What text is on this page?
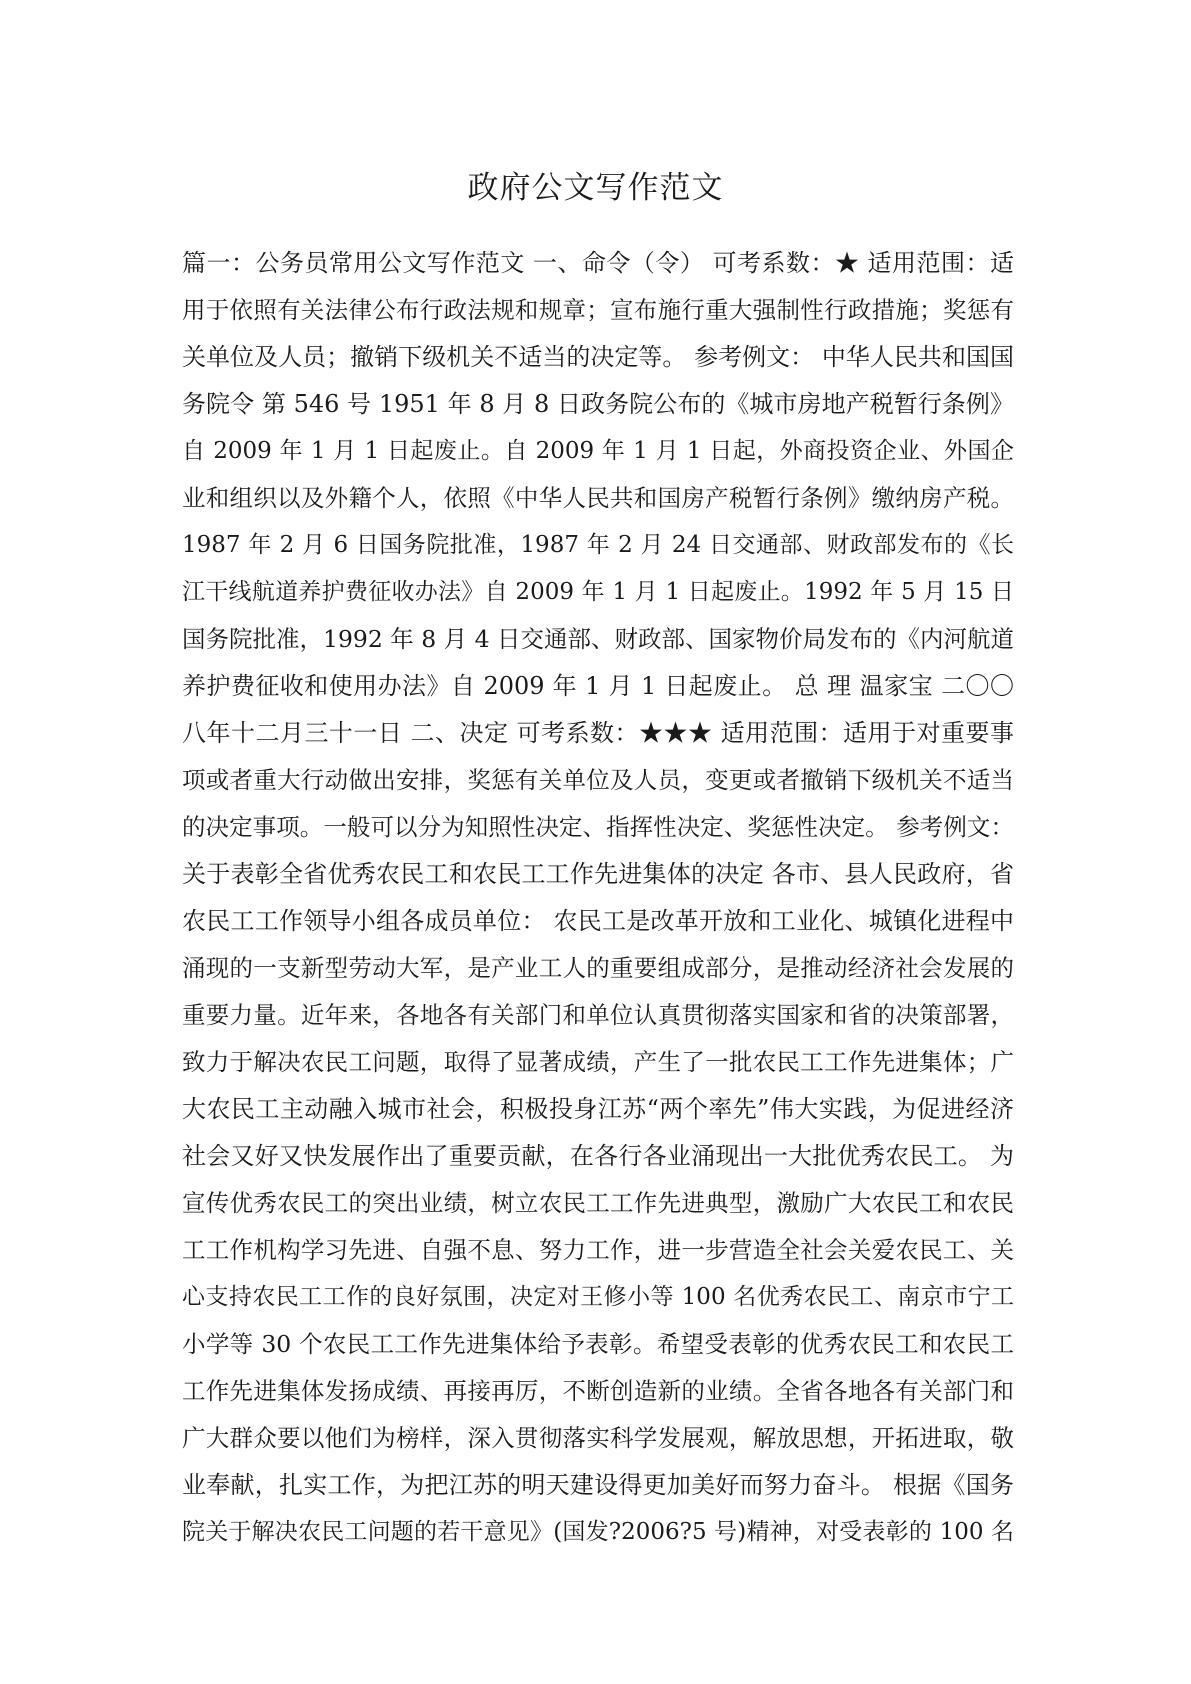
政府公文写作范文
篇一：公务员常用公文写作范文 一、命令（令） 可考系数：★ 适用范围：适
用于依照有关法律公布行政法规和规章；宣布施行重大强制性行政措施；奖惩有
关单位及人员；撤销下级机关不适当的决定等。 参考例文： 中华人民共和国国
务院令 第 546 号 1951 年 8 月 8 日政务院公布的《城市房地产税暂行条例》
自 2009 年 1 月 1 日起废止。自 2009 年 1 月 1 日起，外商投资企业、外国企
业和组织以及外籍个人，依照《中华人民共和国房产税暂行条例》缴纳房产税。
1987 年 2 月 6 日国务院批准，1987 年 2 月 24 日交通部、财政部发布的《长
江干线航道养护费征收办法》自 2009 年 1 月 1 日起废止。1992 年 5 月 15 日
国务院批准，1992 年 8 月 4 日交通部、财政部、国家物价局发布的《内河航道
养护费征收和使用办法》自 2009 年 1 月 1 日起废止。 总 理 温家宝 二〇〇
八年十二月三十一日 二、决定 可考系数：★★★ 适用范围：适用于对重要事
项或者重大行动做出安排，奖惩有关单位及人员，变更或者撤销下级机关不适当
的决定事项。一般可以分为知照性决定、指挥性决定、奖惩性决定。 参考例文：
关于表彰全省优秀农民工和农民工工作先进集体的决定 各市、县人民政府，省
农民工工作领导小组各成员单位： 农民工是改革开放和工业化、城镇化进程中
涌现的一支新型劳动大军，是产业工人的重要组成部分，是推动经济社会发展的
重要力量。近年来，各地各有关部门和单位认真贯彻落实国家和省的决策部署，
致力于解决农民工问题，取得了显著成绩，产生了一批农民工工作先进集体；广
大农民工主动融入城市社会，积极投身江苏“两个率先”伟大实践，为促进经济
社会又好又快发展作出了重要贡献，在各行各业涌现出一大批优秀农民工。 为
宣传优秀农民工的突出业绩，树立农民工工作先进典型，激励广大农民工和农民
工工作机构学习先进、自强不息、努力工作，进一步营造全社会关爱农民工、关
心支持农民工工作的良好氛围，决定对王修小等 100 名优秀农民工、南京市宁工
小学等 30 个农民工工作先进集体给予表彰。希望受表彰的优秀农民工和农民工
工作先进集体发扬成绩、再接再厉，不断创造新的业绩。全省各地各有关部门和
广大群众要以他们为榜样，深入贯彻落实科学发展观，解放思想，开拓进取，敬
业奉献，扎实工作，为把江苏的明天建设得更加美好而努力奋斗。 根据《国务
院关于解决农民工问题的若干意见》(国发?2006?5 号)精神，对受表彰的 100 名
